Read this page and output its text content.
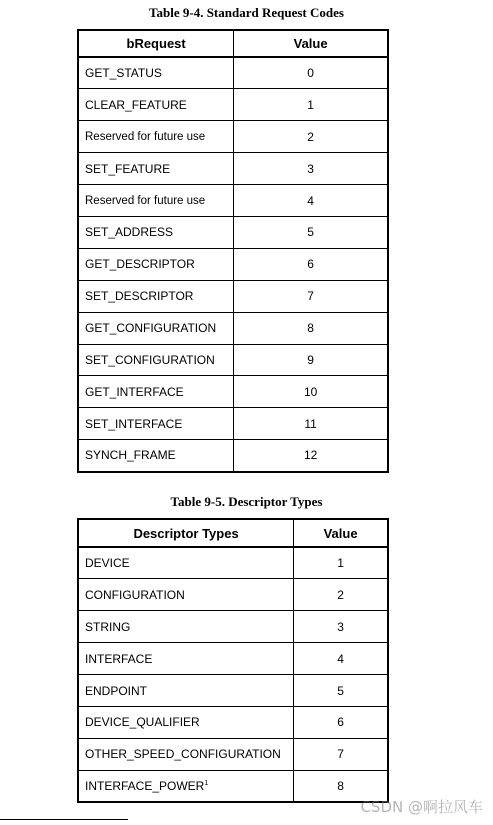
Table 9-4. Standard Request Codes
bRequest	Value
GET_STATUS	0
CLEAR_FEATURE	1
Reserved for future use	2
SET_FEATURE	3
Reserved for future use	4
SET_ADDRESS	5
GET_DESCRIPTOR	6
SET_DESCRIPTOR	7
GET_CONFIGURATION	8
SET_CONFIGURATION	9
GET_INTERFACE	10
SET_INTERFACE	11
SYNCH_FRAME	12
Table 9-5. Descriptor Types
Descriptor Types	Value
DEVICE	1
CONFIGURATION	2
STRING	3
INTERFACE	4
ENDPOINT	5
DEVICE_QUALIFIER	6
OTHER_SPEED_CONFIGURATION	7
INTERFACE_POWER$^1$	8
CSDN @啊拉风车
